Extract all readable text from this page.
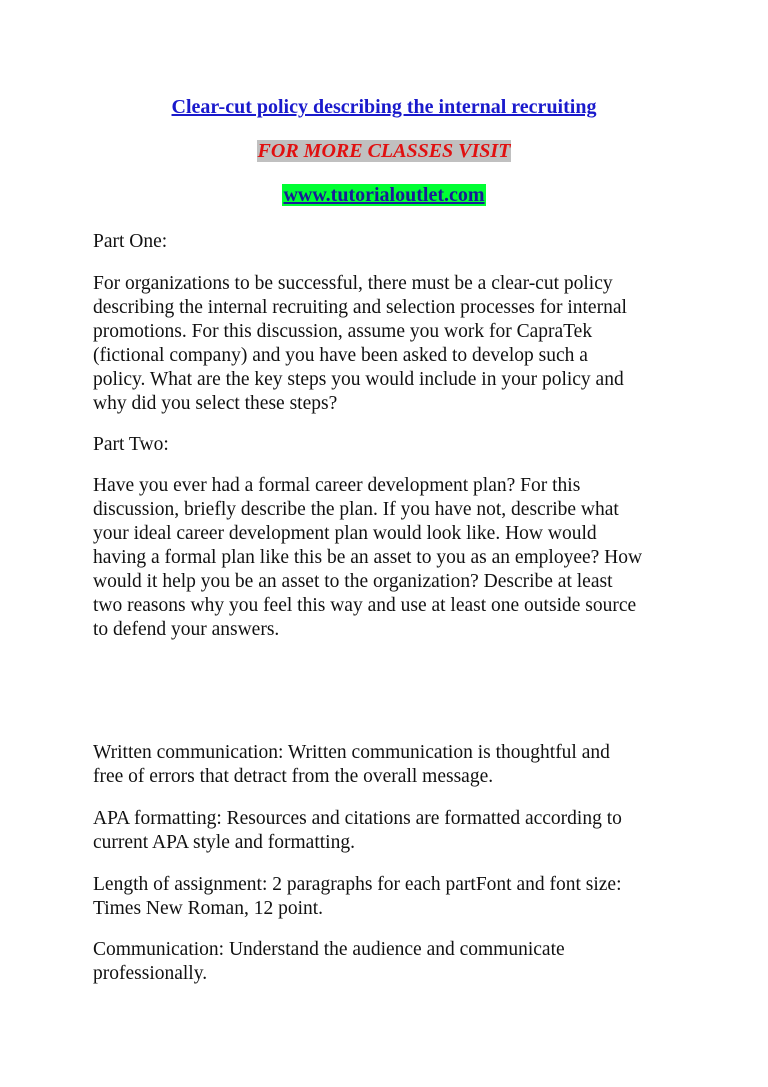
Clear-cut policy describing the internal recruiting
FOR MORE CLASSES VISIT
www.tutorialoutlet.com
Part One:
For organizations to be successful, there must be a clear-cut policy
describing the internal recruiting and selection processes for internal
promotions. For this discussion, assume you work for CapraTek
(fictional company) and you have been asked to develop such a
policy. What are the key steps you would include in your policy and
why did you select these steps?
Part Two:
Have you ever had a formal career development plan? For this
discussion, briefly describe the plan. If you have not, describe what
your ideal career development plan would look like. How would
having a formal plan like this be an asset to you as an employee? How
would it help you be an asset to the organization? Describe at least
two reasons why you feel this way and use at least one outside source
to defend your answers.
Written communication: Written communication is thoughtful and
free of errors that detract from the overall message.
APA formatting: Resources and citations are formatted according to
current APA style and formatting.
Length of assignment: 2 paragraphs for each partFont and font size:
Times New Roman, 12 point.
Communication: Understand the audience and communicate
professionally.
